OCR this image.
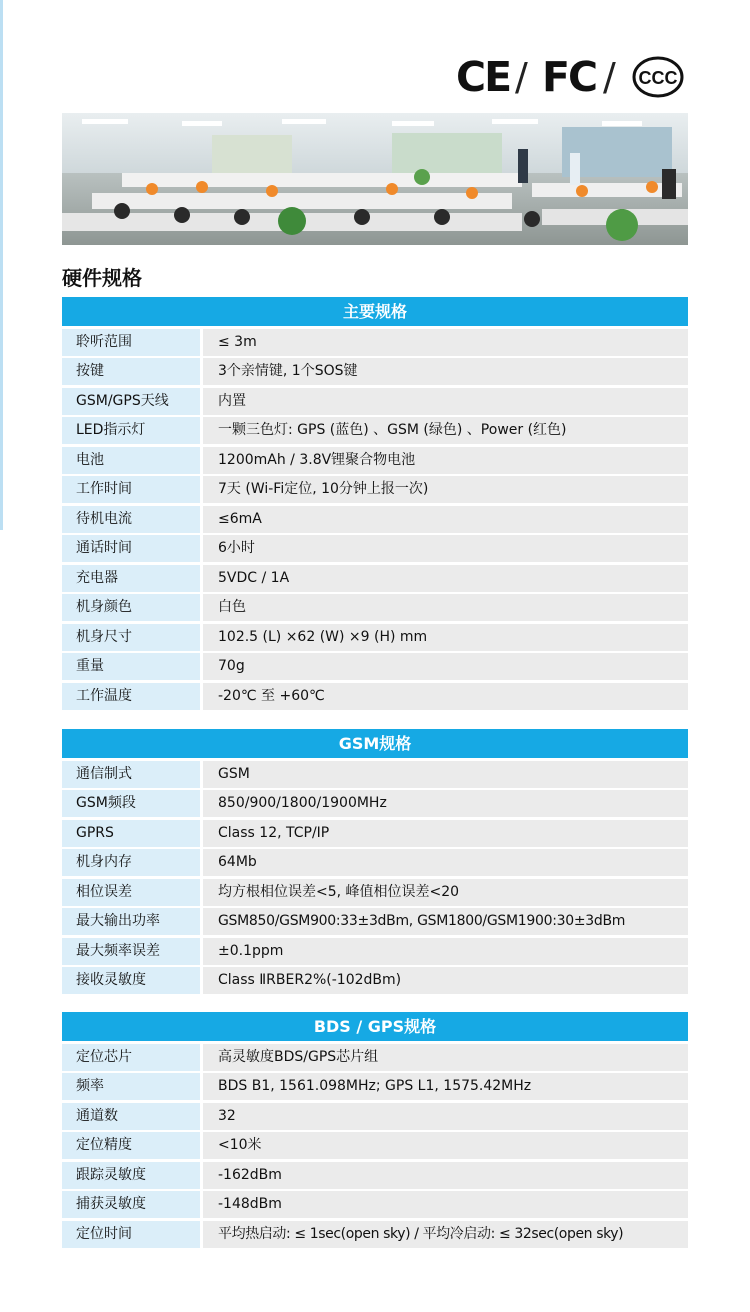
CE / FC / CCC
硬件规格
主要规格
聆听范围	≤ 3m
按键	3个亲情键, 1个SOS键
GSM/GPS天线	内置
LED指示灯	一颗三色灯: GPS (蓝色) 、GSM (绿色) 、Power (红色)
电池	1200mAh / 3.8V锂聚合物电池
工作时间	7天 (Wi-Fi定位, 10分钟上报一次)
待机电流	≤6mA
通话时间	6小时
充电器	5VDC / 1A
机身颜色	白色
机身尺寸	102.5 (L) ×62 (W) ×9 (H) mm
重量	70g
工作温度	-20℃ 至 +60℃
GSM规格
通信制式	GSM
GSM频段	850/900/1800/1900MHz
GPRS	Class 12, TCP/IP
机身内存	64Mb
相位误差	均方根相位误差<5, 峰值相位误差<20
最大输出功率	GSM850/GSM900:33±3dBm, GSM1800/GSM1900:30±3dBm
最大频率误差	±0.1ppm
接收灵敏度	Class ⅡRBER2%(-102dBm)
BDS / GPS规格
定位芯片	高灵敏度BDS/GPS芯片组
频率	BDS B1, 1561.098MHz; GPS L1, 1575.42MHz
通道数	32
定位精度	<10米
跟踪灵敏度	-162dBm
捕获灵敏度	-148dBm
定位时间	平均热启动: ≤ 1sec(open sky) / 平均冷启动: ≤ 32sec(open sky)
